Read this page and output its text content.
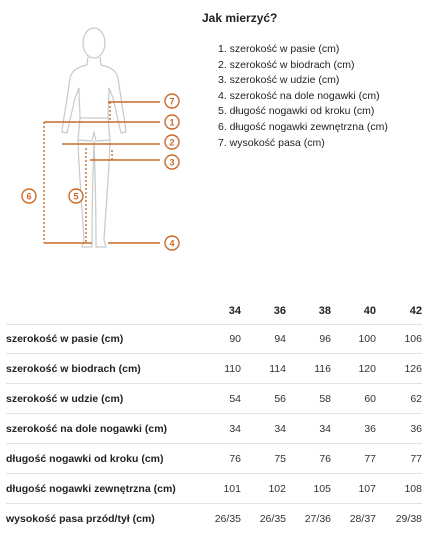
7
1
2
3
4
5
6
Jak mierzyć?
1. szerokość w pasie (cm)
2. szerokość w biodrach (cm)
3. szerokość w udzie (cm)
4. szerokość na dole nogawki (cm)
5. długość nogawki od kroku (cm)
6. długość nogawki zewnętrzna (cm)
7. wysokość pasa (cm)
	34	36	38	40	42
szerokość w pasie (cm)	90	94	96	100	106
szerokość w biodrach (cm)	110	114	116	120	126
szerokość w udzie (cm)	54	56	58	60	62
szerokość na dole nogawki (cm)	34	34	34	36	36
długość nogawki od kroku (cm)	76	75	76	77	77
długość nogawki zewnętrzna (cm)	101	102	105	107	108
wysokość pasa przód/tył (cm)	26/35	26/35	27/36	28/37	29/38
